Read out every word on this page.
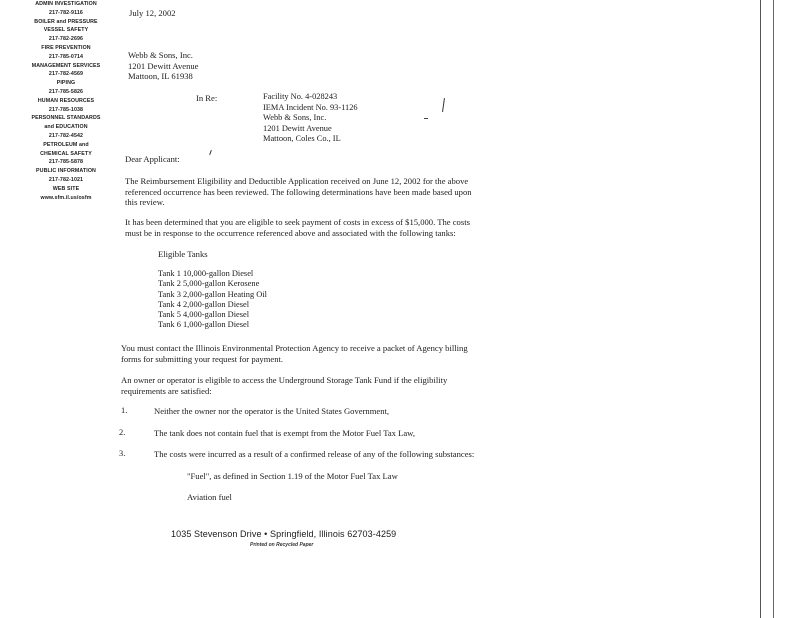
ADMIN INVESTIGATION
217-782-9116
BOILER and PRESSURE
VESSEL SAFETY
217-782-2696
FIRE PREVENTION
217-785-0714
MANAGEMENT SERVICES
217-782-4569
PIPING
217-785-5826
HUMAN RESOURCES
217-785-1038
PERSONNEL STANDARDS
and EDUCATION
217-782-4542
PETROLEUM and
CHEMICAL SAFETY
217-785-5878
PUBLIC INFORMATION
217-782-1021
WEB SITE
www.sfm.il.us/osfm
July 12, 2002
Webb & Sons, Inc.
1201 Dewitt Avenue
Mattoon, IL 61938
In Re:	Facility No. 4-028243
IEMA Incident No. 93-1126
Webb & Sons, Inc.
1201 Dewitt Avenue
Mattoon, Coles Co., IL
Dear Applicant:
The Reimbursement Eligibility and Deductible Application received on June 12, 2002 for the above
referenced occurrence has been reviewed. The following determinations have been made based upon
this review.
It has been determined that you are eligible to seek payment of costs in excess of $15,000. The costs
must be in response to the occurrence referenced above and associated with the following tanks:
Eligible Tanks
Tank 1 10,000-gallon Diesel
Tank 2 5,000-gallon Kerosene
Tank 3 2,000-gallon Heating Oil
Tank 4 2,000-gallon Diesel
Tank 5 4,000-gallon Diesel
Tank 6 1,000-gallon Diesel
You must contact the Illinois Environmental Protection Agency to receive a packet of Agency billing
forms for submitting your request for payment.
An owner or operator is eligible to access the Underground Storage Tank Fund if the eligibility
requirements are satisfied:
1.	Neither the owner nor the operator is the United States Government,
2.	The tank does not contain fuel that is exempt from the Motor Fuel Tax Law,
3.	The costs were incurred as a result of a confirmed release of any of the following substances:
"Fuel", as defined in Section 1.19 of the Motor Fuel Tax Law
Aviation fuel
1035 Stevenson Drive • Springfield, Illinois 62703-4259
Printed on Recycled Paper
